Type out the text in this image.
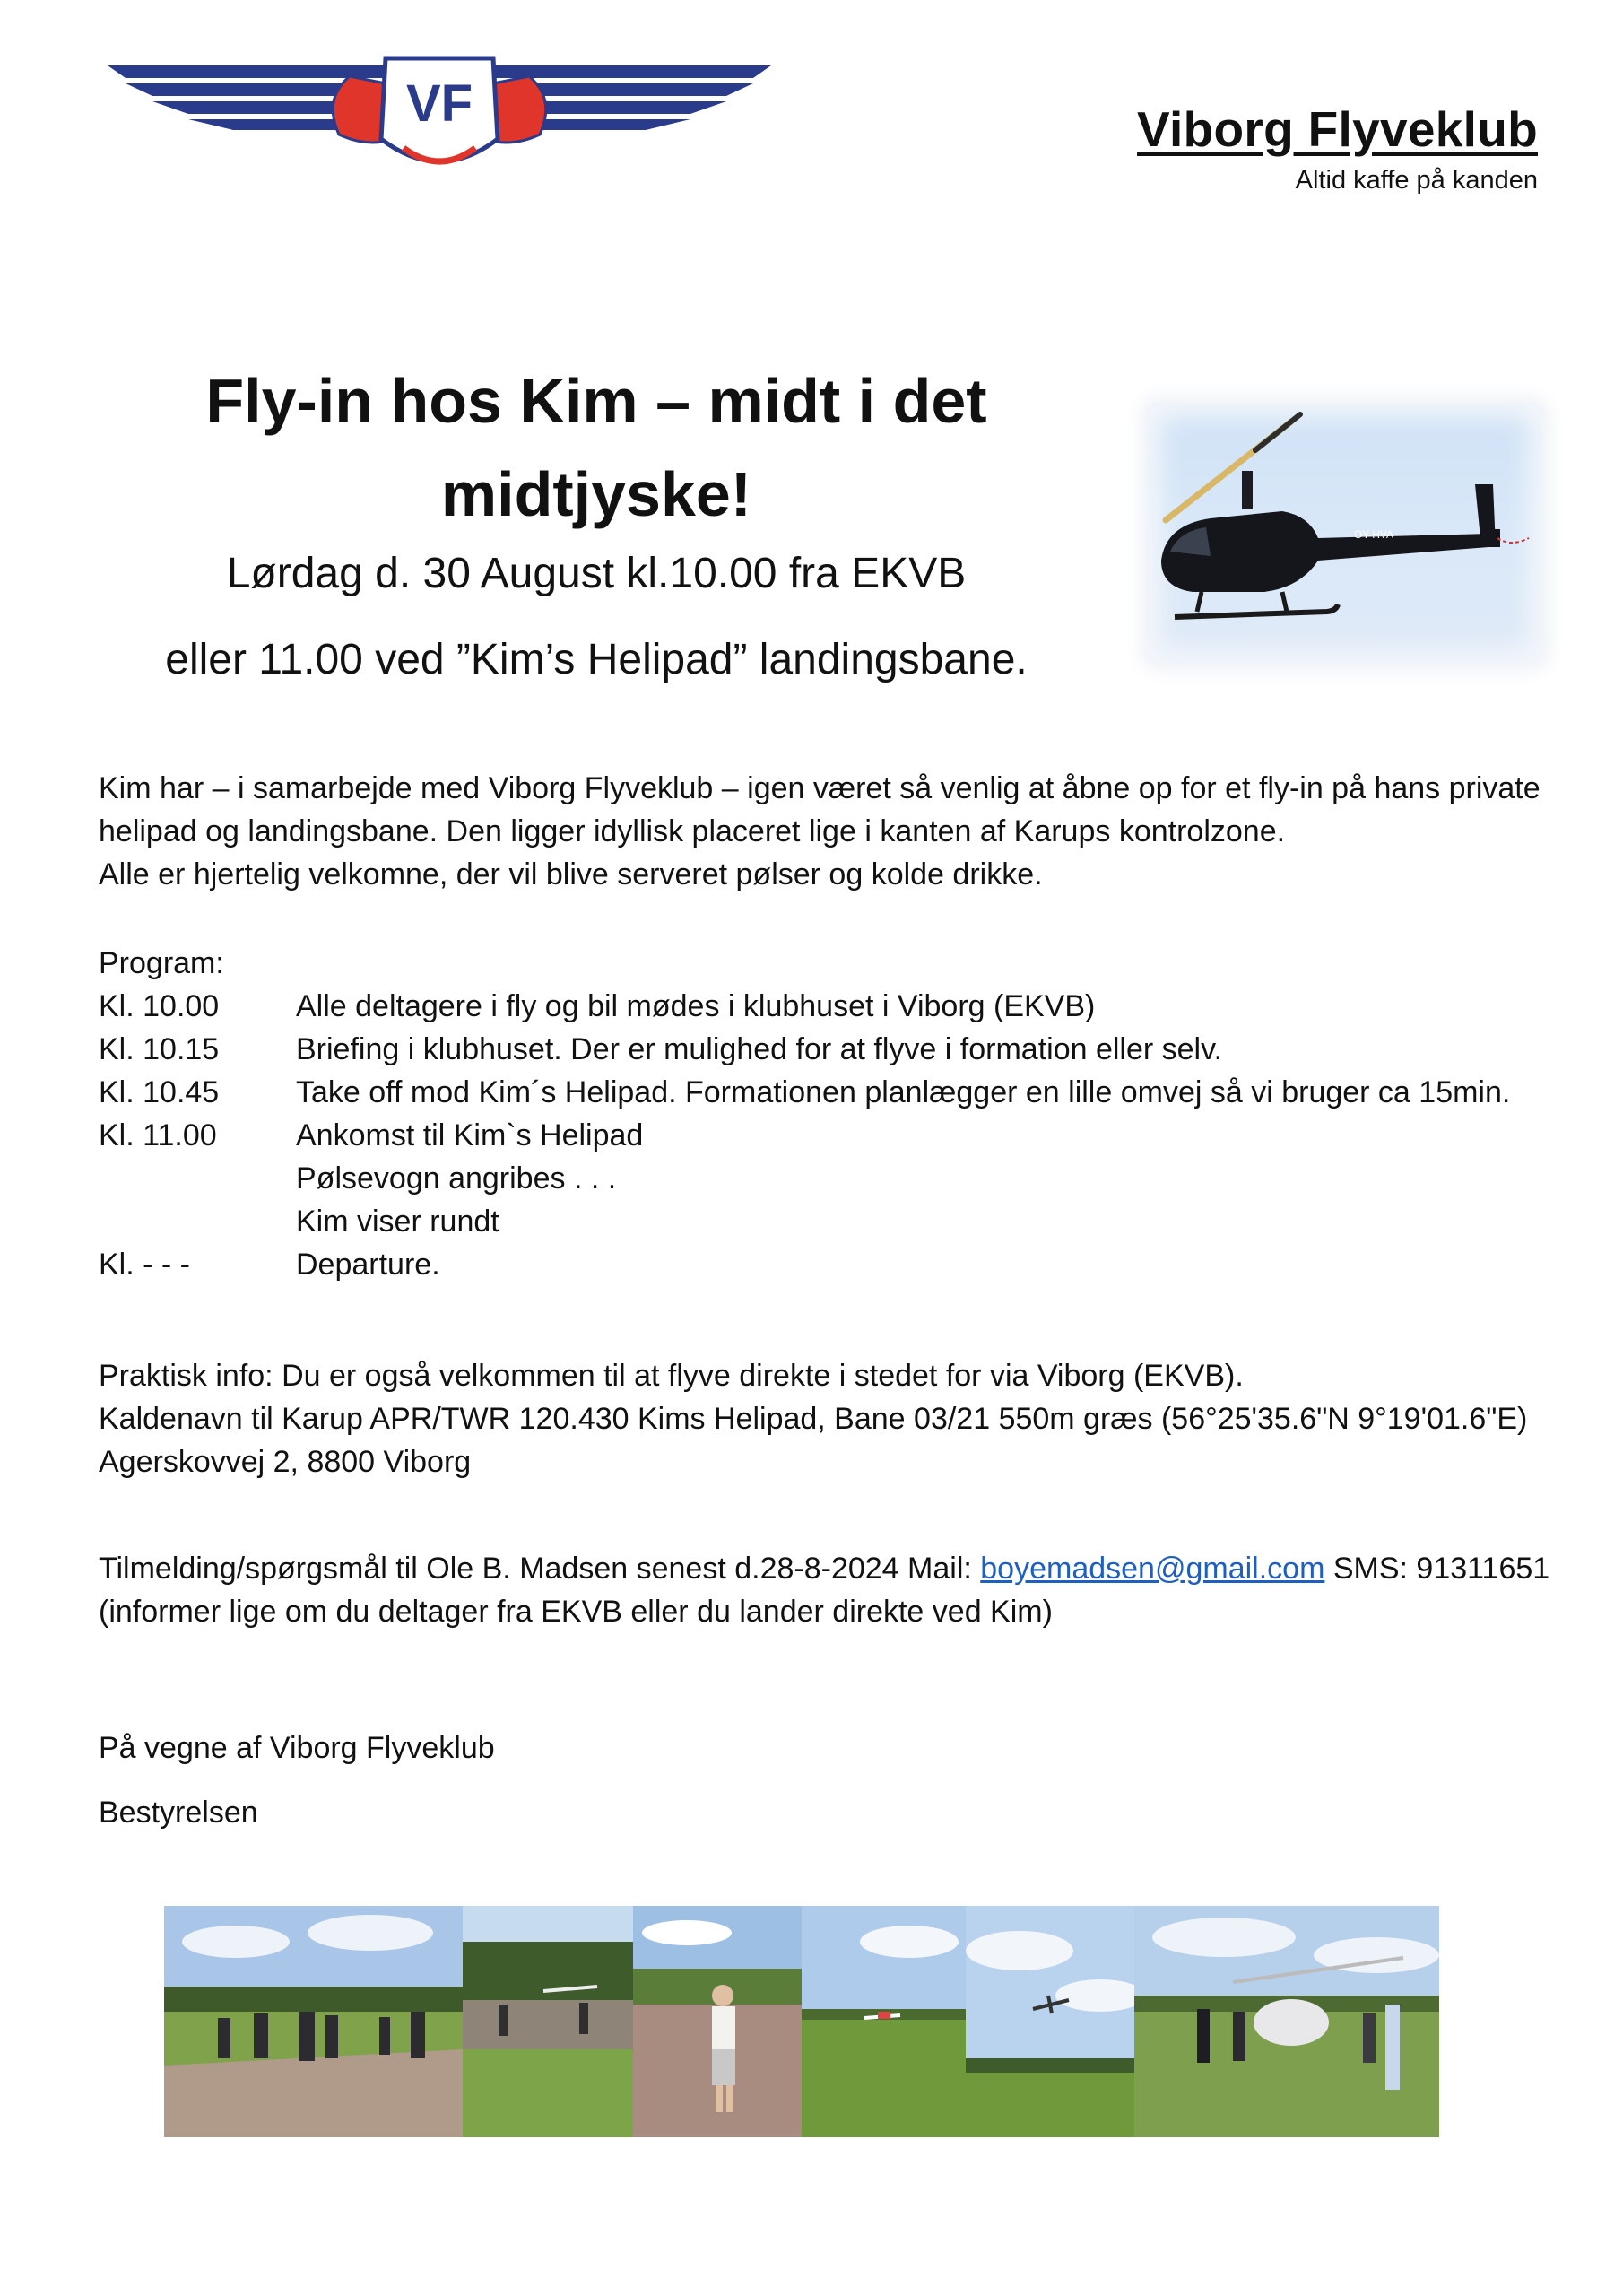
VF	Viborg Flyveklub
Altid kaffe på kanden
Fly-in hos Kim – midt i det midtjyske!
Lørdag d. 30 August kl.10.00 fra EKVB
eller 11.00 ved ”Kim’s Helipad” landingsbane.
OY-HVA
Kim har – i samarbejde med Viborg Flyveklub – igen været så venlig at åbne op for et fly-in på hans private
helipad og landingsbane. Den ligger idyllisk placeret lige i kanten af Karups kontrolzone.
Alle er hjertelig velkomne, der vil blive serveret pølser og kolde drikke.
Program:
Kl. 10.00	Alle deltagere i fly og bil mødes i klubhuset i Viborg (EKVB)
Kl. 10.15	Briefing i klubhuset. Der er mulighed for at flyve i formation eller selv.
Kl. 10.45	Take off mod Kim´s Helipad. Formationen planlægger en lille omvej så vi bruger ca 15min.
Kl. 11.00	Ankomst til Kim`s Helipad
Pølsevogn angribes . . .
Kim viser rundt
Kl. - - -	Departure.
Praktisk info: Du er også velkommen til at flyve direkte i stedet for via Viborg (EKVB).
Kaldenavn til Karup APR/TWR 120.430 Kims Helipad, Bane 03/21 550m græs (56°25'35.6"N 9°19'01.6"E)
Agerskovvej 2, 8800 Viborg
Tilmelding/spørgsmål til Ole B. Madsen senest d.28-8-2024 Mail: boyemadsen@gmail.com SMS: 91311651
(informer lige om du deltager fra EKVB eller du lander direkte ved Kim)
På vegne af Viborg Flyveklub
Bestyrelsen
